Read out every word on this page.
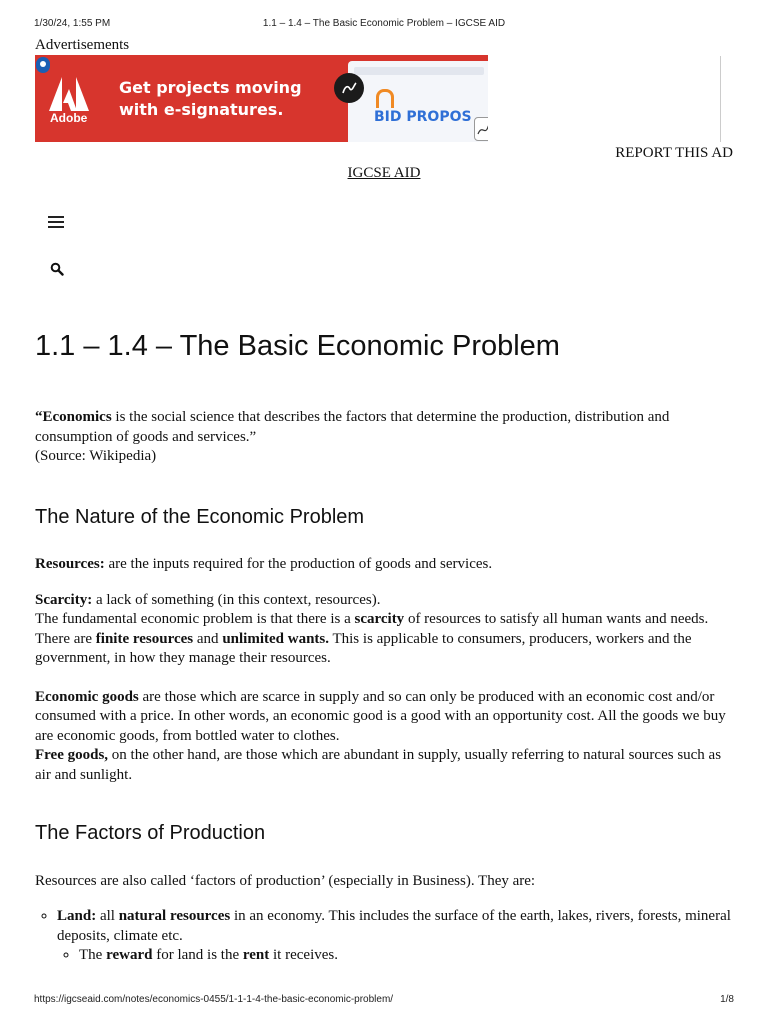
1/30/24, 1:55 PM	1.1 – 1.4 – The Basic Economic Problem – IGCSE AID
Advertisements
Adobe
Get projects moving
with e-signatures.	BID PROPOS
REPORT THIS AD
IGCSE AID
1.1 – 1.4 – The Basic Economic Problem

“Economics is the social science that describes the factors that determine the production, distribution and consumption of goods and services.”

(Source: Wikipedia)

The Nature of the Economic Problem

Resources: are the inputs required for the production of goods and services.

Scarcity: a lack of something (in this context, resources).

The fundamental economic problem is that there is a scarcity of resources to satisfy all human wants and needs. There are finite resources and unlimited wants. This is applicable to consumers, producers, workers and the government, in how they manage their resources.

Economic goods are those which are scarce in supply and so can only be produced with an economic cost and/or consumed with a price. In other words, an economic good is a good with an opportunity cost. All the goods we buy are economic goods, from bottled water to clothes.

Free goods, on the other hand, are those which are abundant in supply, usually referring to natural sources such as air and sunlight.

The Factors of Production

Resources are also called ‘factors of production’ (especially in Business). They are:

◦ Land: all natural resources in an economy. This includes the surface of the earth, lakes, rivers, forests, mineral deposits, climate etc.
◦ The reward for land is the rent it receives.
https://igcseaid.com/notes/economics-0455/1-1-1-4-the-basic-economic-problem/	1/8
